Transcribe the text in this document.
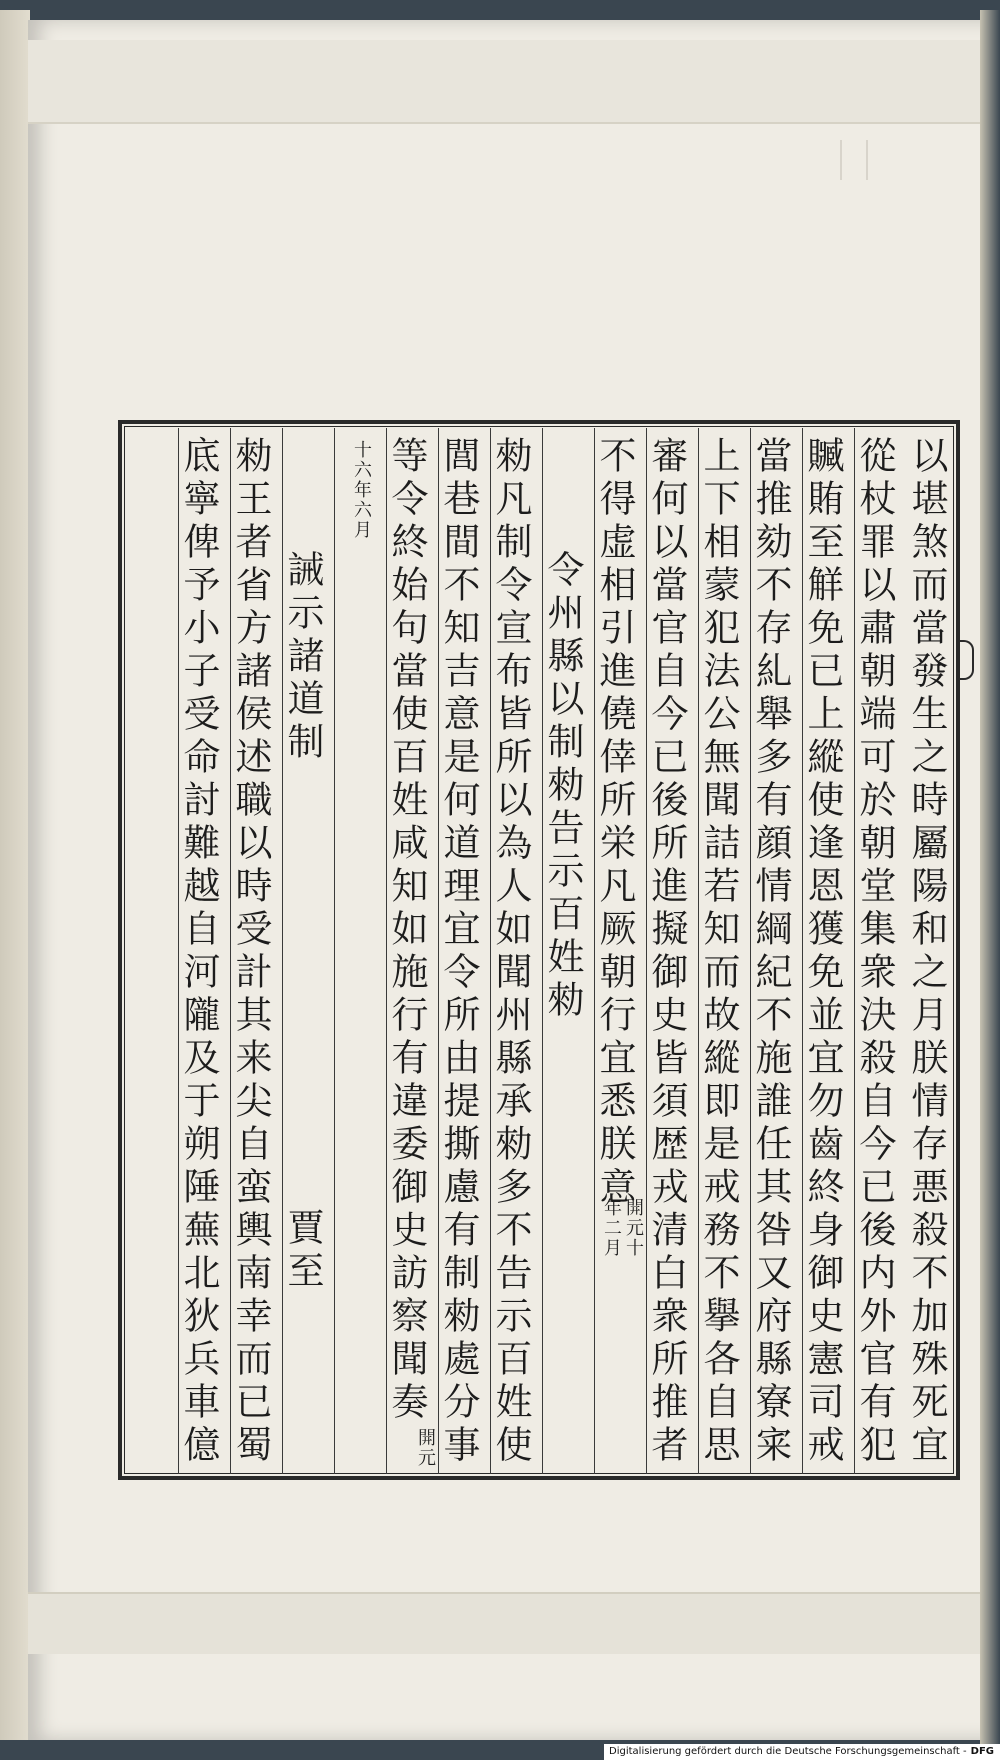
以堪煞而當發生之時屬陽和之月朕情存悪殺不加殊死宜
從杖罪以肅朝端可於朝堂集衆決殺自今已後内外官有犯
贓賄至觧免已上縱使逢恩獲免並宜勿齒終身御史憲司戒
當推劾不存糺舉多有顔情綱紀不施誰任其咎又府縣寮宷
上下相蒙犯法公無聞詰若知而故縱即是戒務不擧各自思
審何以當官自今已後所進擬御史皆須歴戎清白衆所推者
不得虚相引進僥倖所栄凡厥朝行宜悉朕意
開元十年二月
令州縣以制勑告示百姓勑
勑凡制令宣布皆所以為人如聞州縣承勑多不告示百姓使
閭巷間不知吉意是何道理宜令所由提撕慮有制勑處分事
等令終始句當使百姓咸知如施行有違委御史訪察聞奏
開元
十六年六月
誡示諸道制
賈至
勑王者省方諸侯述職以時受計其来尖自蛮輿南幸而已蜀
底寧俾予小子受命討難越自河隴及于朔陲蕪北狄兵車億
Digitalisierung gefördert durch die Deutsche Forschungsgemeinschaft - DFG
